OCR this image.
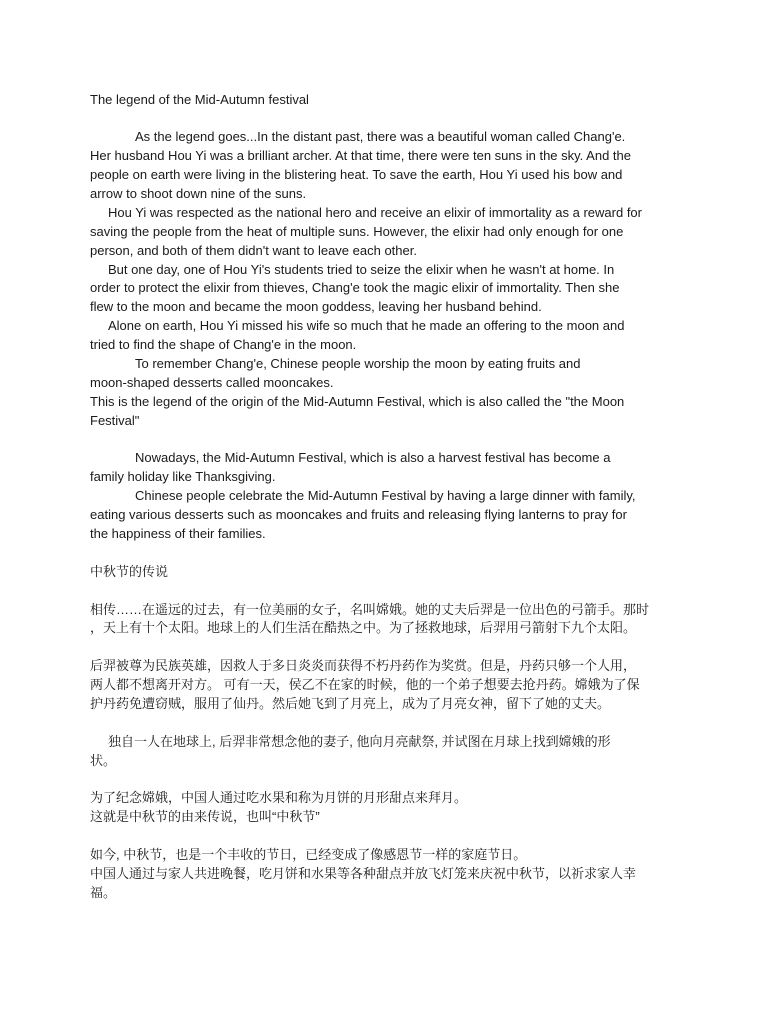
The legend of the Mid-Autumn festival
As the legend goes...In the distant past, there was a beautiful woman called Chang'e.
Her husband Hou Yi was a brilliant archer. At that time, there were ten suns in the sky. And the
people on earth were living in the blistering heat. To save the earth, Hou Yi used his bow and
arrow to shoot down nine of the suns.
Hou Yi was respected as the national hero and receive an elixir of immortality as a reward for
saving the people from the heat of multiple suns. However, the elixir had only enough for one
person, and both of them didn't want to leave each other.
But one day, one of Hou Yi's students tried to seize the elixir when he wasn't at home. In
order to protect the elixir from thieves, Chang'e took the magic elixir of immortality. Then she
flew to the moon and became the moon goddess, leaving her husband behind.
Alone on earth, Hou Yi missed his wife so much that he made an offering to the moon and
tried to find the shape of Chang'e in the moon.
To remember Chang'e, Chinese people worship the moon by eating fruits and
moon-shaped desserts called mooncakes.
This is the legend of the origin of the Mid-Autumn Festival, which is also called the "the Moon
Festival"
Nowadays, the Mid-Autumn Festival, which is also a harvest festival has become a
family holiday like Thanksgiving.
Chinese people celebrate the Mid-Autumn Festival by having a large dinner with family,
eating various desserts such as mooncakes and fruits and releasing flying lanterns to pray for
the happiness of their families.
中秋节的传说
相传……在遥远的过去，有一位美丽的女子，名叫嫦娥。她的丈夫后羿是一位出色的弓箭手。那时
，天上有十个太阳。地球上的人们生活在酷热之中。为了拯救地球，后羿用弓箭射下九个太阳。
后羿被尊为民族英雄，因救人于多日炎炎而获得不朽丹药作为奖赏。但是，丹药只够一个人用，
两人都不想离开对方。 可有一天，侯乙不在家的时候，他的一个弟子想要去抢丹药。嫦娥为了保
护丹药免遭窃贼，服用了仙丹。然后她飞到了月亮上，成为了月亮女神，留下了她的丈夫。
独自一人在地球上, 后羿非常想念他的妻子, 他向月亮献祭, 并试图在月球上找到嫦娥的形
状。
为了纪念嫦娥，中国人通过吃水果和称为月饼的月形甜点来拜月。
这就是中秋节的由来传说，也叫“中秋节”
如今, 中秋节，也是一个丰收的节日，已经变成了像感恩节一样的家庭节日。
中国人通过与家人共进晚餐，吃月饼和水果等各种甜点并放飞灯笼来庆祝中秋节，以祈求家人幸
福。
